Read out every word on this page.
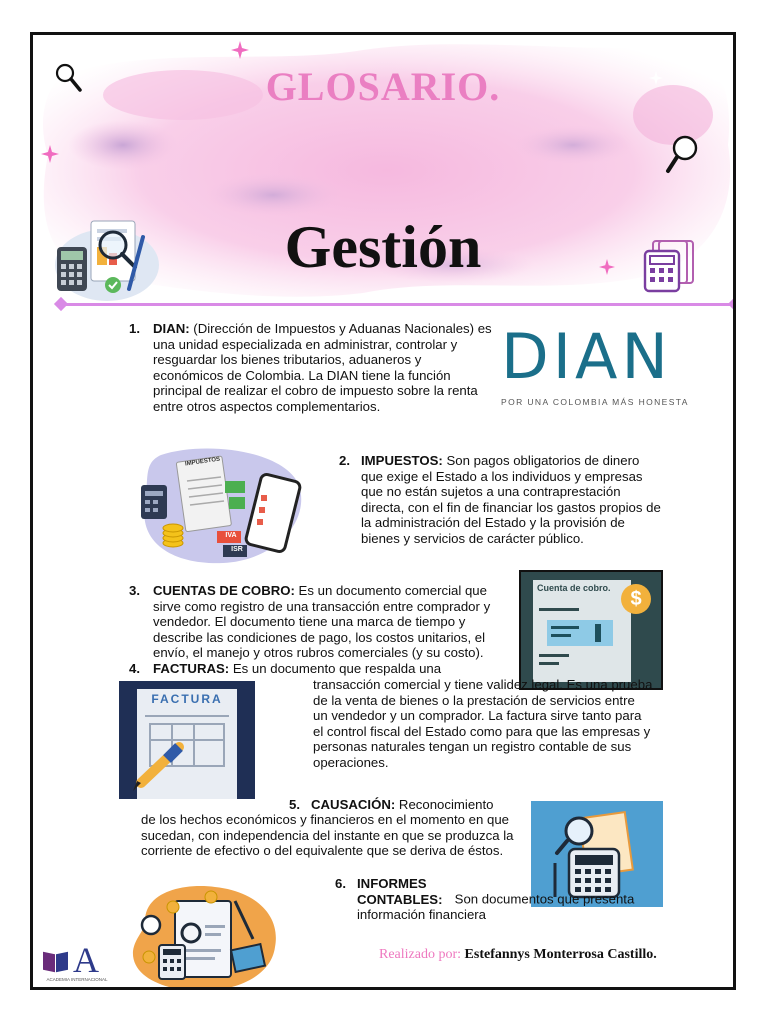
GLOSARIO.
Gestión
1. DIAN: (Dirección de Impuestos y Aduanas Nacionales) es una unidad especializada en administrar, controlar y resguardar los bienes tributarios, aduaneros y económicos de Colombia. La DIAN tiene la función principal de realizar el cobro de impuesto sobre la renta entre otros aspectos complementarios.
DIAN
POR UNA COLOMBIA MÁS HONESTA
IMPUESTOS
IVA
ISR
2. IMPUESTOS: Son pagos obligatorios de dinero que exige el Estado a los individuos y empresas que no están sujetos a una contraprestación directa, con el fin de financiar los gastos propios de la administración del Estado y la provisión de bienes y servicios de carácter público.
3. CUENTAS DE COBRO: Es un documento comercial que sirve como registro de una transacción entre comprador y vendedor. El documento tiene una marca de tiempo y describe las condiciones de pago, los costos unitarios, el envío, el manejo y otros rubros comerciales (y su costo).
Cuenta de cobro. $
4. FACTURAS: Es un documento que respalda una
transacción comercial y tiene validez legal. Es una prueba de la venta de bienes o la prestación de servicios entre un vendedor y un comprador. La factura sirve tanto para el control fiscal del Estado como para que las empresas y personas naturales tengan un registro contable de sus operaciones.
FACTURA
5. CAUSACIÓN: Reconocimiento
de los hechos económicos y financieros en el momento en que sucedan, con independencia del instante en que se produzca la corriente de efectivo o del equivalente que se deriva de éstos.
6. INFORMES CONTABLES: Son documentos que presenta información financiera
A
ACADEMIA INTERNACIONAL
Realizado por: Estefannys Monterrosa Castillo.
